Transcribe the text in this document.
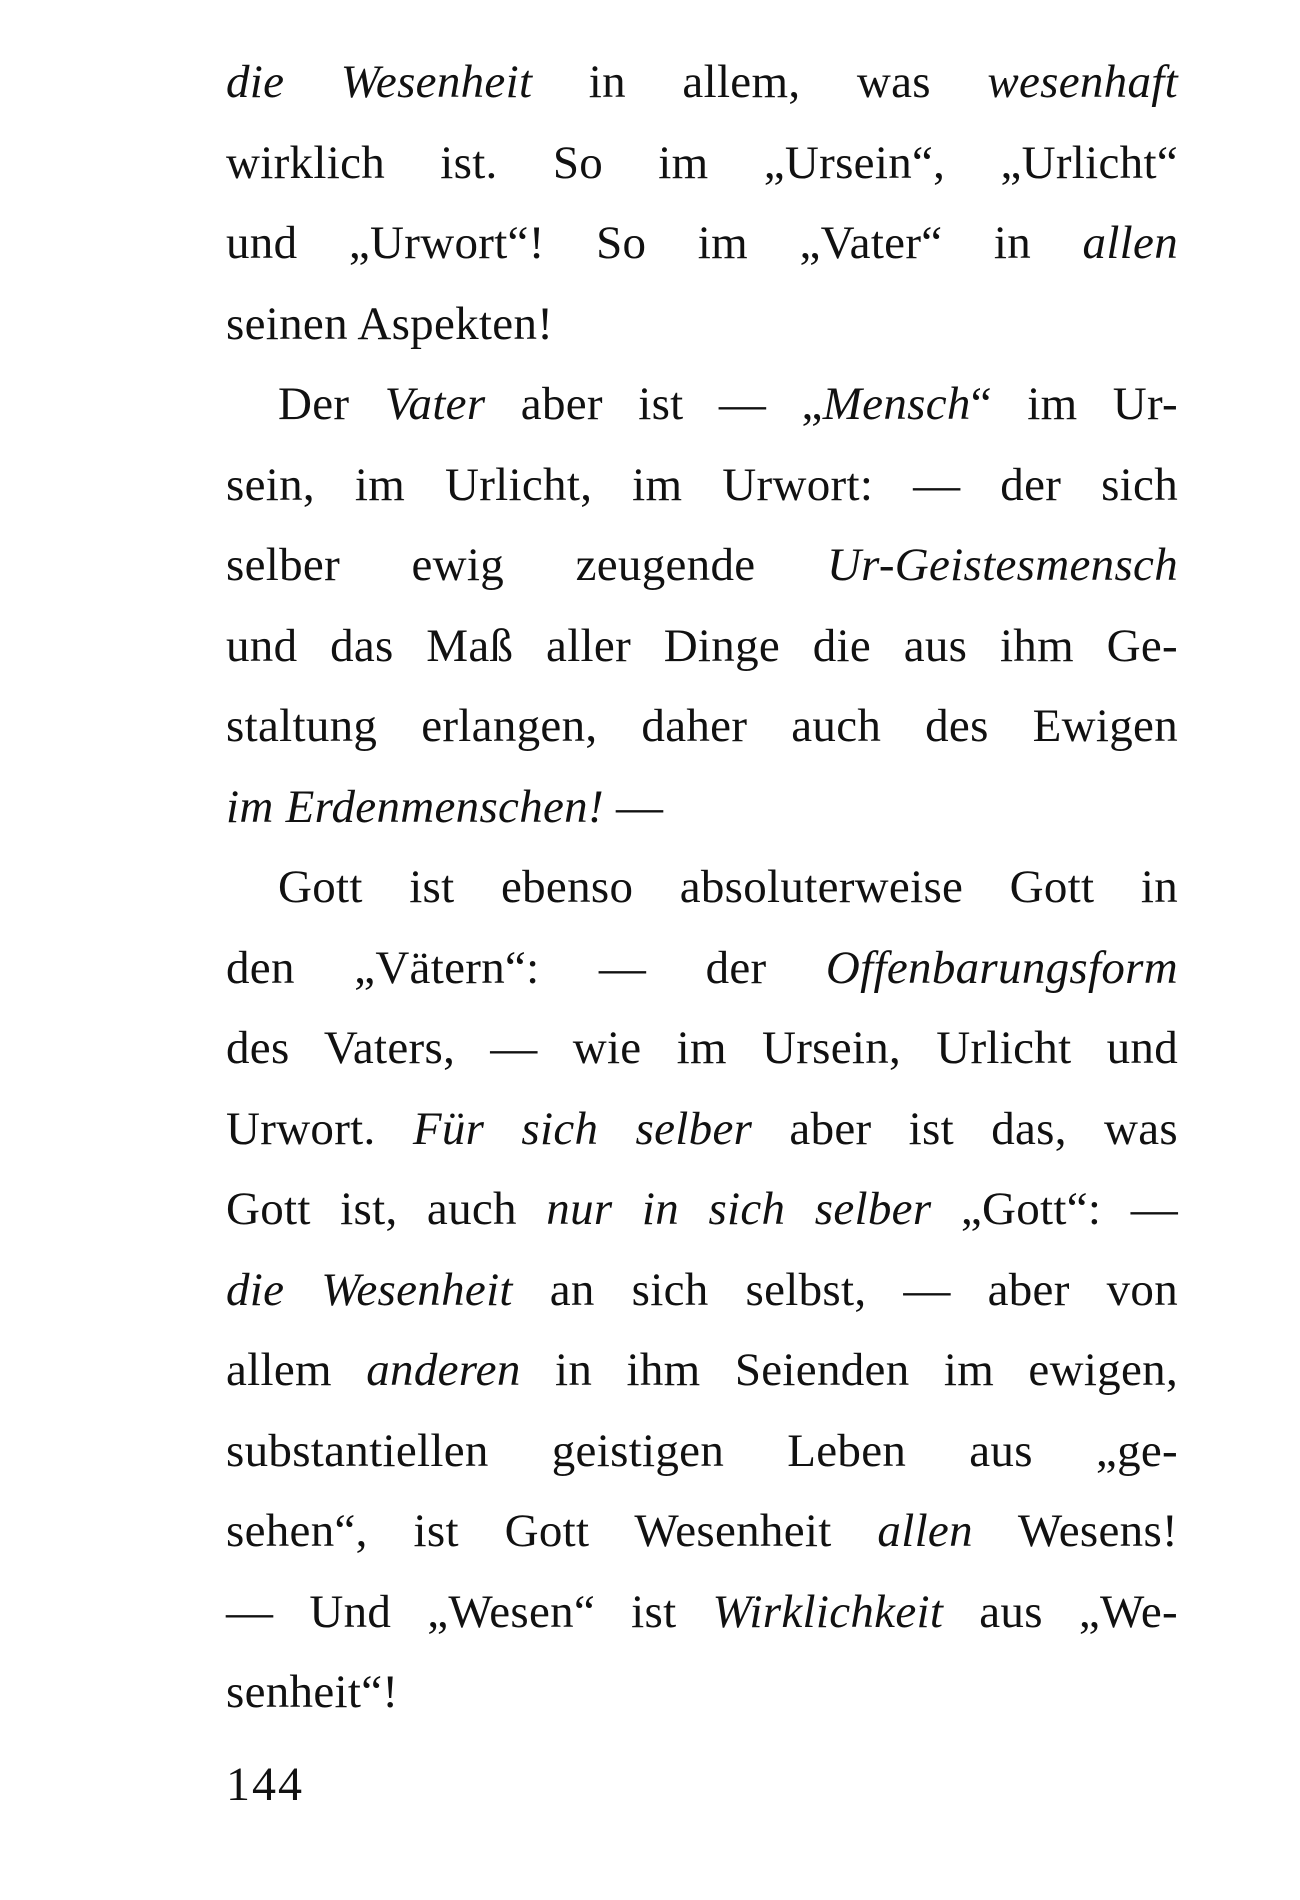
die Wesenheit in allem, was wesenhaft
wirklich ist. So im „Ursein“, „Urlicht“
und „Urwort“! So im „Vater“ in allen
seinen Aspekten!
Der Vater aber ist — „Mensch“ im Ur-
sein, im Urlicht, im Urwort: — der sich
selber ewig zeugende Ur-Geistesmensch
und das Maß aller Dinge die aus ihm Ge-
staltung erlangen, daher auch des Ewigen
im Erdenmenschen! —
Gott ist ebenso absoluterweise Gott in
den „Vätern“: — der Offenbarungsform
des Vaters, — wie im Ursein, Urlicht und
Urwort. Für sich selber aber ist das, was
Gott ist, auch nur in sich selber „Gott“: —
die Wesenheit an sich selbst, — aber von
allem anderen in ihm Seienden im ewigen,
substantiellen geistigen Leben aus „ge-
sehen“, ist Gott Wesenheit allen Wesens!
— Und „Wesen“ ist Wirklichkeit aus „We-
senheit“!
144
